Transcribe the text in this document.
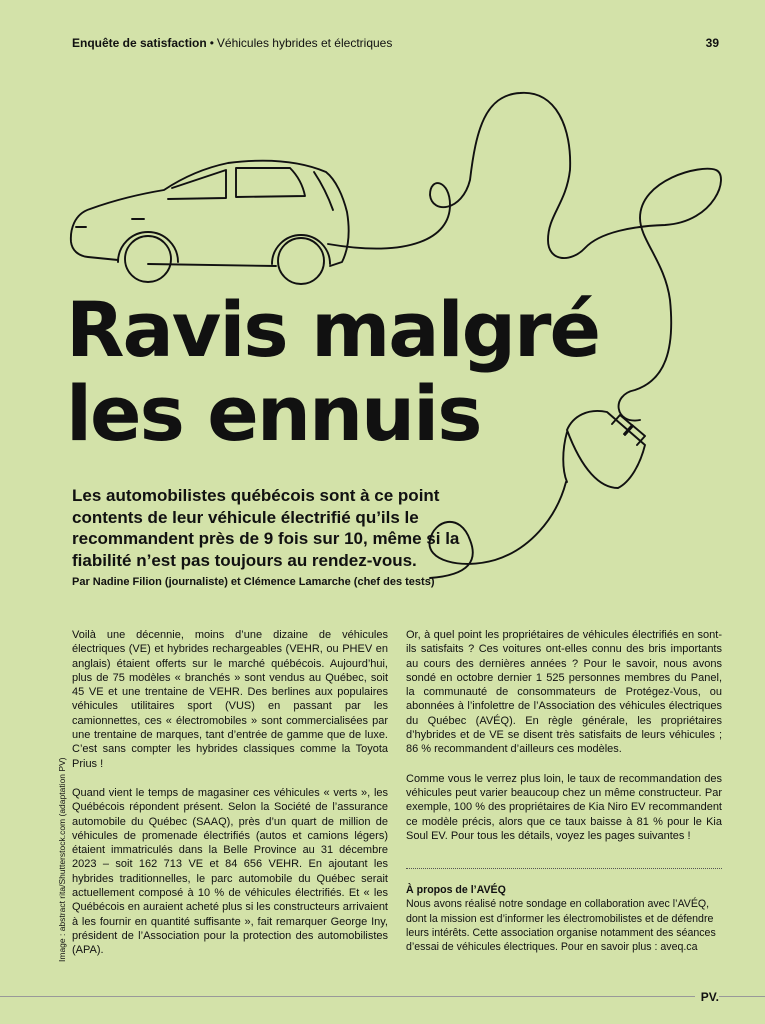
Enquête de satisfaction • Véhicules hybrides et électriques	39
Ravis malgré
les ennuis

Les automobilistes québécois sont à ce point contents de leur véhicule électrifié qu’ils le recommandent près de 9 fois sur 10, même si la fiabilité n’est pas toujours au rendez-vous.

Par Nadine Filion (journaliste) et Clémence Lamarche (chef des tests)

Image : abstract rita/Shutterstock.com (adaptation PV)

Voilà une décennie, moins d’une dizaine de véhicules électriques (VE) et hybrides rechargeables (VEHR, ou PHEV en anglais) étaient offerts sur le marché québécois. Aujourd’hui, plus de 75 modèles « branchés » sont vendus au Québec, soit 45 VE et une trentaine de VEHR. Des berlines aux populaires véhicules utilitaires sport (VUS) en passant par les camionnettes, ces « électromobiles » sont commercialisées par une trentaine de marques, tant d’entrée de gamme que de luxe. C’est sans compter les hybrides classiques comme la Toyota Prius !

Quand vient le temps de magasiner ces véhicules « verts », les Québécois répondent présent. Selon la Société de l’assurance automobile du Québec (SAAQ), près d’un quart de million de véhicules de promenade électrifiés (autos et camions légers) étaient immatriculés dans la Belle Province au 31 décembre 2023 – soit 162 713 VE et 84 656 VEHR. En ajoutant les hybrides traditionnelles, le parc automobile du Québec serait actuellement composé à 10 % de véhicules électrifiés. Et « les Québécois en auraient acheté plus si les constructeurs arrivaient à les fournir en quantité suffisante », fait remarquer George Iny, président de l’Association pour la protection des automobilistes (APA).

Or, à quel point les propriétaires de véhicules électrifiés en sont-ils satisfaits ? Ces voitures ont-elles connu des bris importants au cours des dernières années ? Pour le savoir, nous avons sondé en octobre dernier 1 525 personnes membres du Panel, la communauté de consommateurs de Protégez-Vous, ou abonnées à l’infolettre de l’Association des véhicules électriques du Québec (AVÉQ). En règle générale, les propriétaires d’hybrides et de VE se disent très satisfaits de leurs véhicules ; 86 % recommandent d’ailleurs ces modèles.

Comme vous le verrez plus loin, le taux de recommandation des véhicules peut varier beaucoup chez un même constructeur. Par exemple, 100 % des propriétaires de Kia Niro EV recommandent ce modèle précis, alors que ce taux baisse à 81 % pour le Kia Soul EV. Pour tous les détails, voyez les pages suivantes !

À propos de l’AVÉQ
Nous avons réalisé notre sondage en collaboration avec l’AVÉQ, dont la mission est d’informer les électromobilistes et de défendre leurs intérêts. Cette association organise notamment des séances d’essai de véhicules électriques. Pour en savoir plus : aveq.ca
PV.
